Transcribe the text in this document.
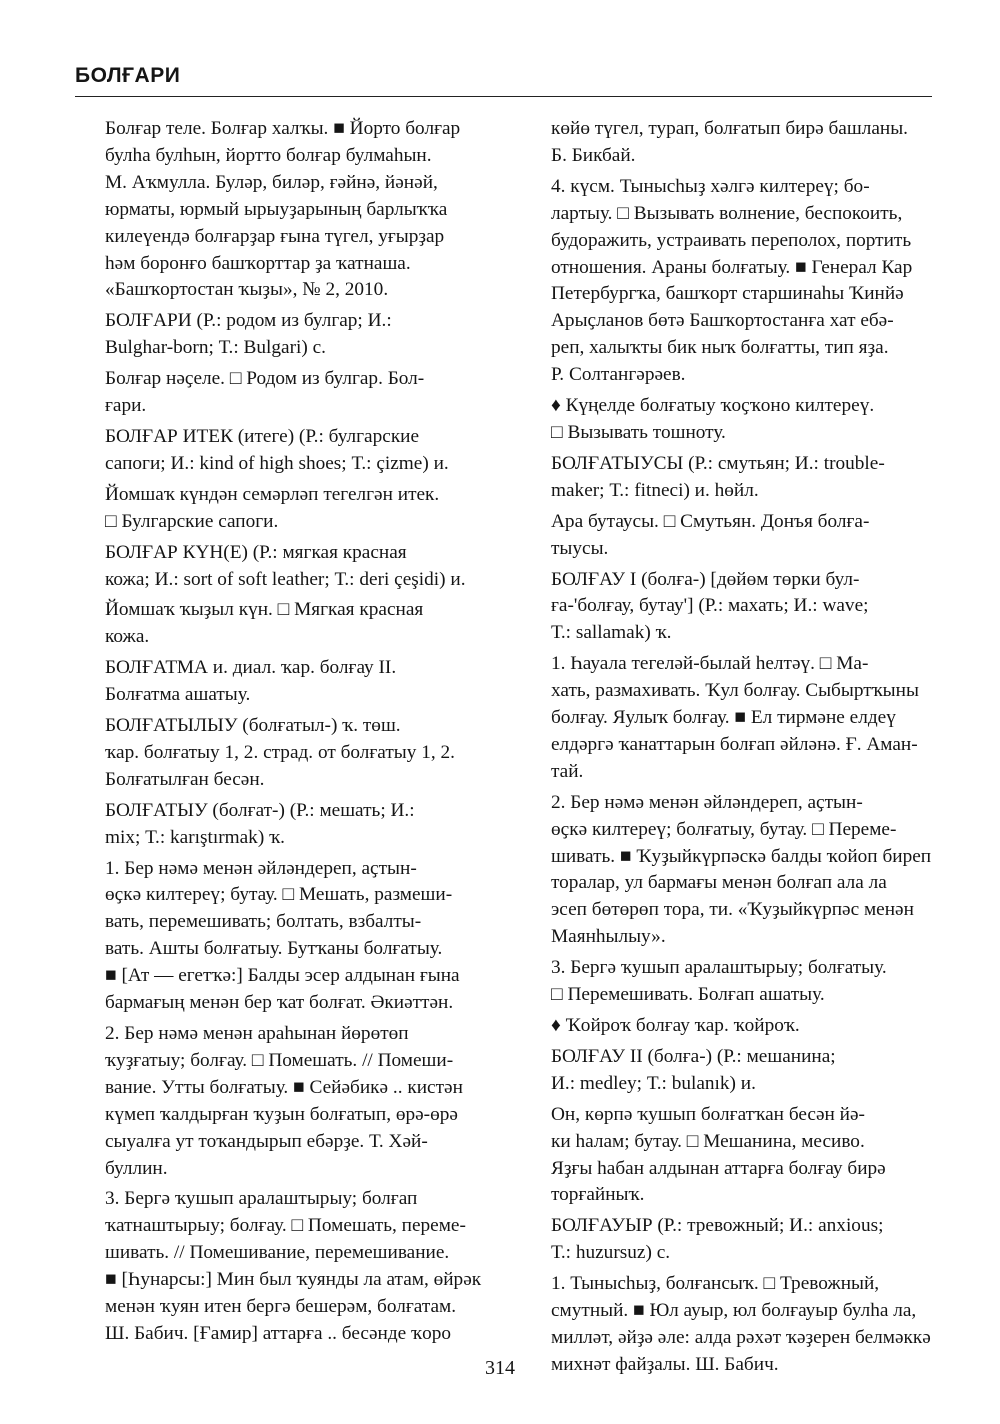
БОЛҒАРИ

Болғар теле. Болғар халҡы. ■ Йорто болғар
булһа булһын, йортто болғар булмаһын.
М. Аҡмулла. Буләр, биләр, ғәйнә, йәнәй,
юрматы, юрмый ырыуҙарының барлыҡҡа
килеүендә болғарҙар ғына түгел, уғырҙар
һәм боронғо башҡорттар ҙа ҡатнаша.
«Башҡортостан ҡыҙы», № 2, 2010.

БОЛҒАРИ (Р.: родом из булгар; И.:
Bulghar-born; Т.: Bulgari) с.

Болғар нәҫеле. □ Родом из булгар. Бол-
ғари.

БОЛҒАР ИТЕК (итеге) (Р.: булгарские
сапоги; И.: kind of high shoes; Т.: çizme) и.

Йомшаҡ күндән семәрләп тегелгән итек.
□ Булгарские сапоги.

БОЛҒАР КҮН(Е) (Р.: мягкая красная
кожа; И.: sort of soft leather; Т.: deri çeşidi) и.

Йомшаҡ ҡыҙыл күн. □ Мягкая красная
кожа.

БОЛҒАТМА и. диал. ҡар. болғау II.
Болғатма ашатыу.

БОЛҒАТЫЛЫУ (болғатыл-) ҡ. төш.
ҡар. болғатыу 1, 2. страд. от болғатыу 1, 2.
Болғатылған бесән.

БОЛҒАТЫУ (болғат-) (Р.: мешать; И.:
mix; Т.: karıştırmak) ҡ.

1. Бер нәмә менән әйләндереп, аҫтын-
өҫкә килтереү; бутау. □ Мешать, размеши-
вать, перемешивать; болтать, взбалты-
вать. Ашты болғатыу. Бутҡаны болғатыу.
■ [Ат — егетҡә:] Балды эсер алдынан ғына
бармағың менән бер ҡат болғат. Әкиәттән.

2. Бер нәмә менән араһынан йөрөтөп
ҡуҙғатыу; болғау. □ Помешать. // Помеши-
вание. Утты болғатыу. ■ Сейәбикә .. кистән
күмеп ҡалдырған ҡуҙын болғатып, өрә-өрә
сыуалға ут тоҡандырып ебәрҙе. Т. Хәй-
буллин.

3. Бергә ҡушып аралаштырыу; болғап
ҡатнаштырыу; болғау. □ Помешать, переме-
шивать. // Помешивание, перемешивание.
■ [Һунарсы:] Мин был ҡуянды ла атам, өйрәк
менән ҡуян итен бергә бешерәм, болғатам.
Ш. Бабич. [Ғамир] аттарға .. бесәнде ҡоро

көйө түгел, турап, болғатып бирә башланы.
Б. Бикбай.

4. күсм. Тынысһыҙ хәлгә килтереү; бо-
лартыу. □ Вызывать волнение, беспокоить,
будоражить, устраивать переполох, портить
отношения. Араны болғатыу. ■ Генерал Кар
Петербургҡа, башҡорт старшинаһы Ҡинйә
Арыҫланов бөтә Башҡортостанға хат ебә-
реп, халыҡты бик ныҡ болғатты, тип яҙа.
Р. Солтангәрәев.

♦ Күңелде болғатыу ҡоҫҡоно килтереү.
□ Вызывать тошноту.

БОЛҒАТЫУСЫ (Р.: смутьян; И.: trouble-
maker; Т.: fitneci) и. һөйл.

Ара бутаусы. □ Смутьян. Донъя болға-
тыусы.

БОЛҒАУ I (болға-) [дөйөм төрки бул-
ға-'болғау, бутау'] (Р.: махать; И.: wave;
Т.: sallamak) ҡ.

1. Һауала тегеләй-былай һелтәү. □ Ма-
хать, размахивать. Ҡул болғау. Сыбыртҡыны
болғау. Яулыҡ болғау. ■ Ел тирмәне елдеү
елдәргә ҡанаттарын болғап әйләнә. Ғ. Аман-
тай.

2. Бер нәмә менән әйләндереп, аҫтын-
өҫкә килтереү; болғатыу, бутау. □ Переме-
шивать. ■ Ҡуҙыйкүрпәскә балды ҡойоп биреп
торалар, ул бармағы менән болғап ала ла
эсеп бөтөрөп тора, ти. «Ҡуҙыйкүрпәс менән
Маянһылыу».

3. Бергә ҡушып аралаштырыу; болғатыу.
□ Перемешивать. Болғап ашатыу.

♦ Ҡойроҡ болғау ҡар. ҡойроҡ.

БОЛҒАУ II (болға-) (Р.: мешанина;
И.: medley; Т.: bulanık) и.

Он, көрпә ҡушып болғатҡан бесән йә-
ки һалам; бутау. □ Мешанина, месиво.
Яҙғы һабан алдынан аттарға болғау бирә
торғайныҡ.

БОЛҒАУЫР (Р.: тревожный; И.: anxious;
Т.: huzursuz) с.

1. Тынысһыҙ, болғансыҡ. □ Тревожный,
смутный. ■ Юл ауыр, юл болғауыр булһа ла,
милләт, әйҙә әле: алда рәхәт ҡәҙерен белмәккә
михнәт файҙалы. Ш. Бабич.

314
